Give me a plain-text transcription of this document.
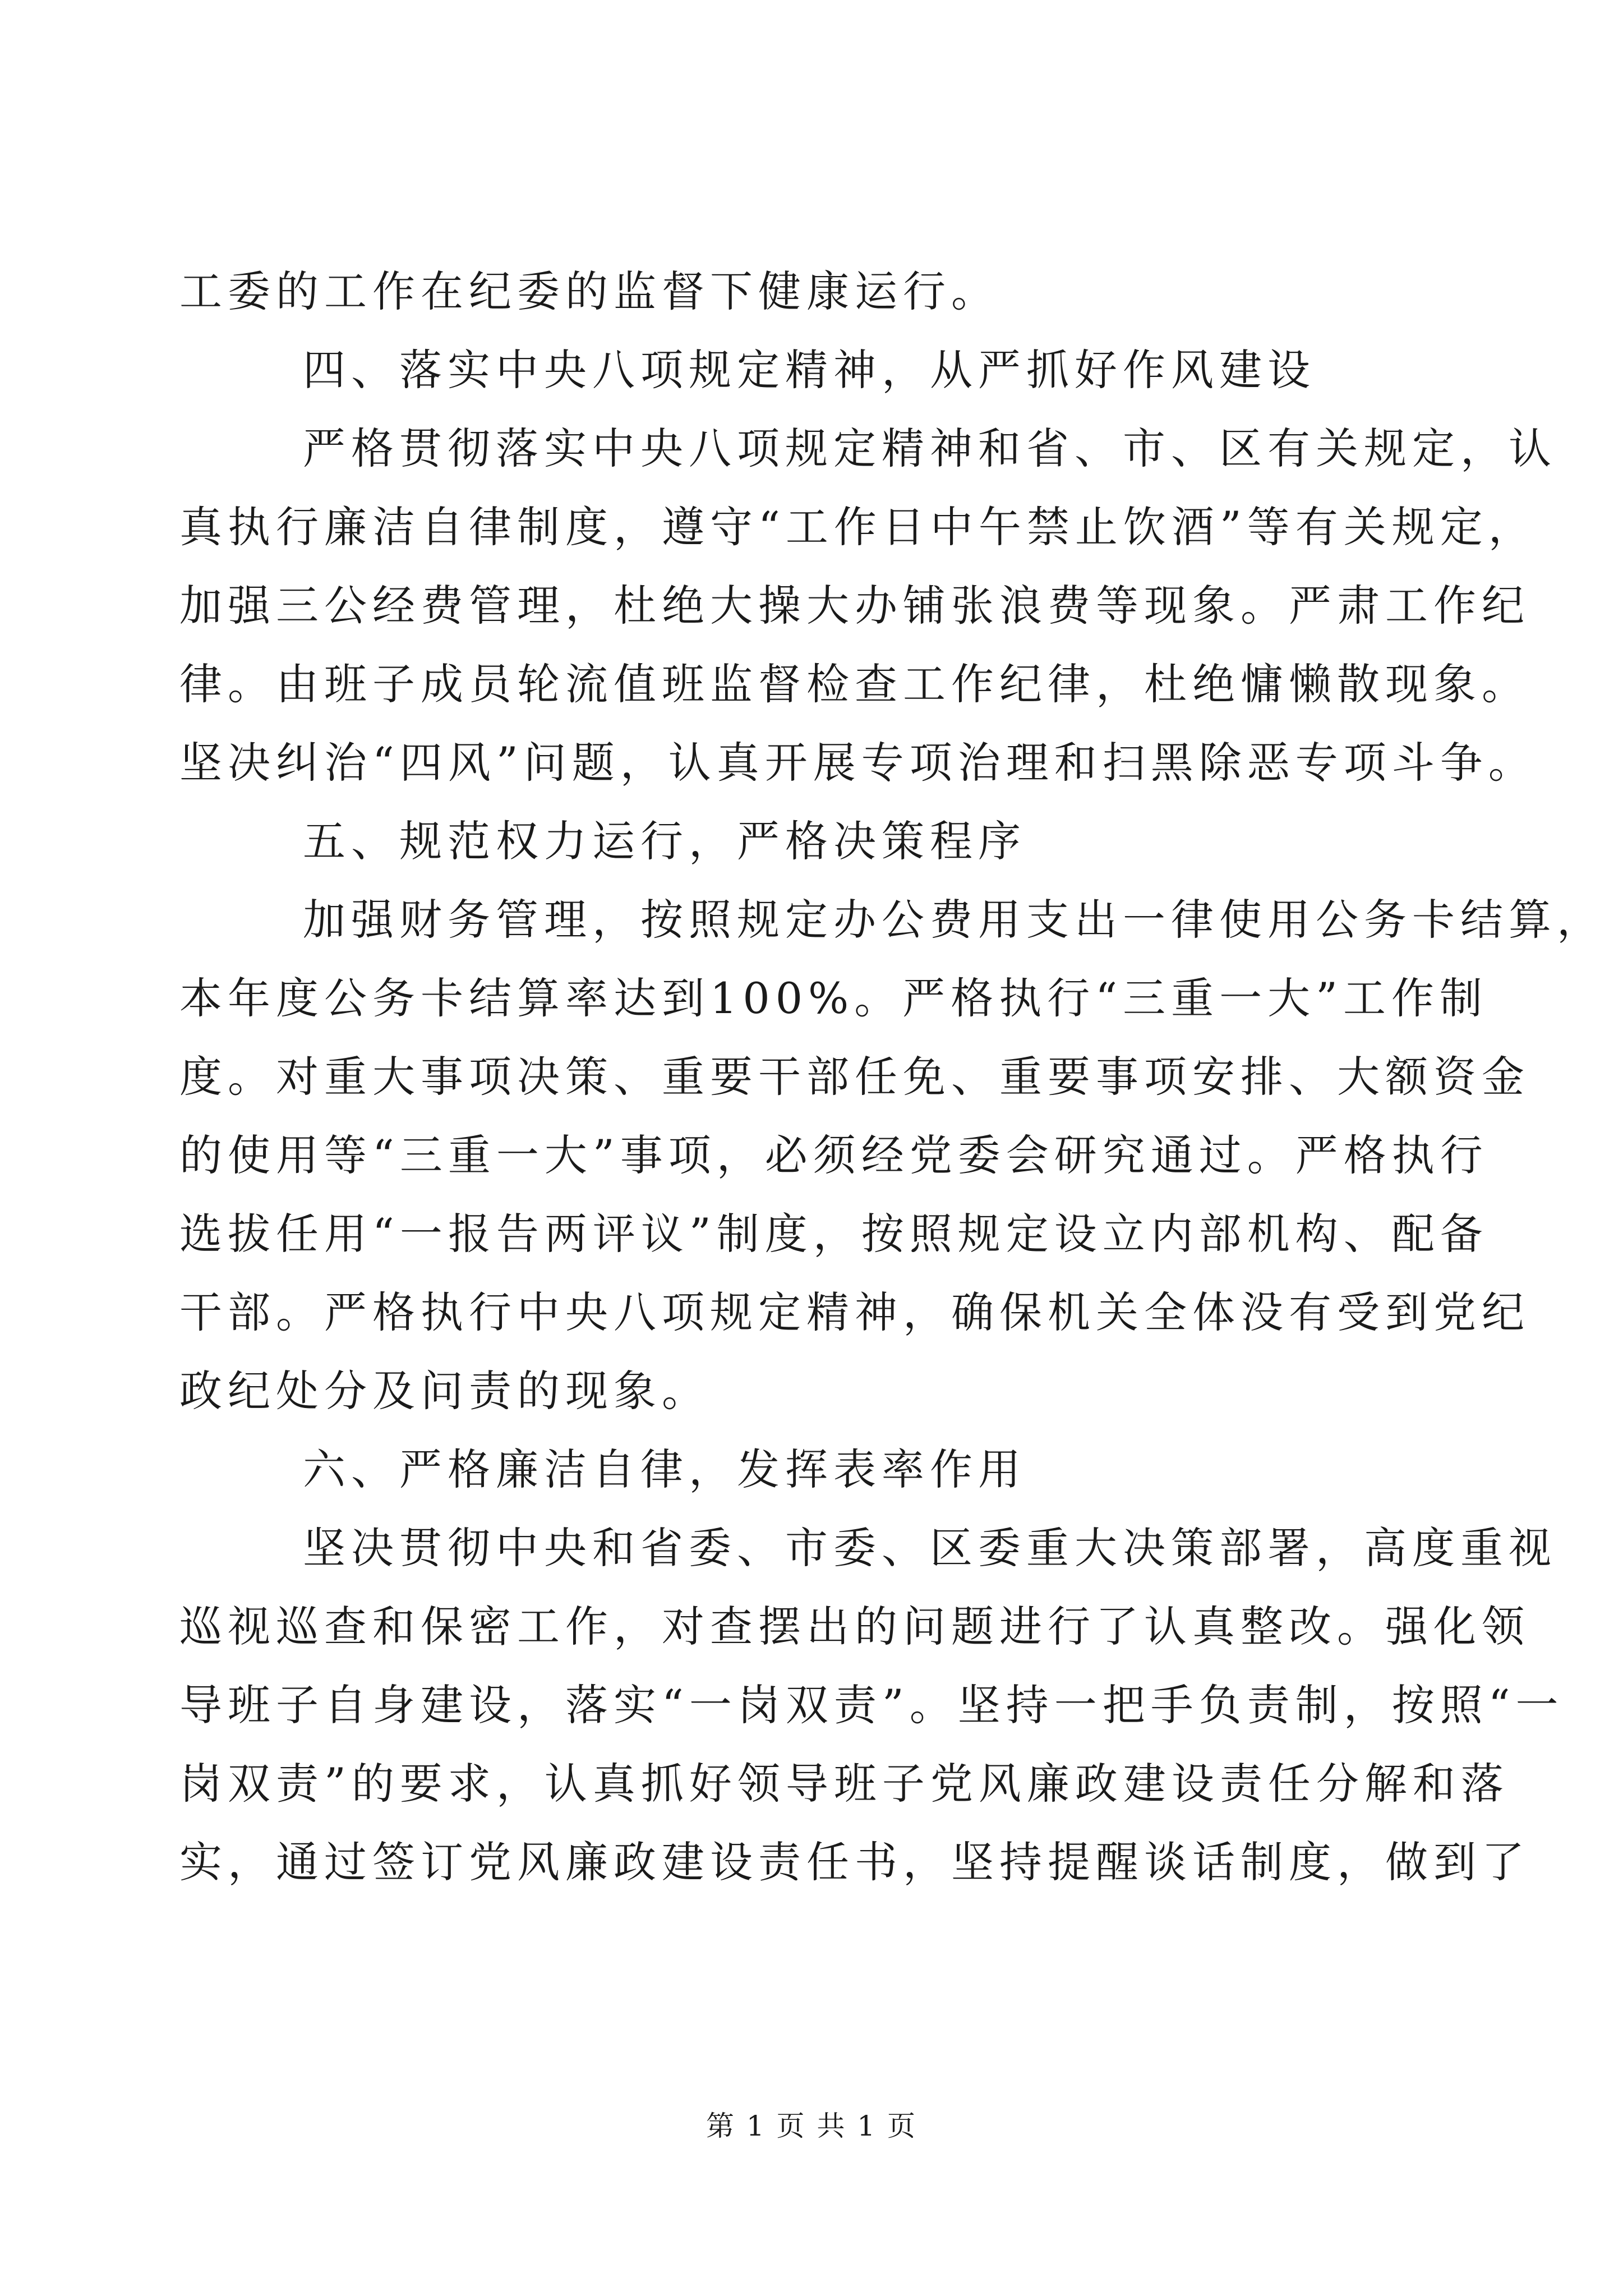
工委的工作在纪委的监督下健康运行。
四、落实中央八项规定精神，从严抓好作风建设
严格贯彻落实中央八项规定精神和省、市、区有关规定，认
真执行廉洁自律制度，遵守“工作日中午禁止饮酒”等有关规定，
加强三公经费管理，杜绝大操大办铺张浪费等现象。严肃工作纪
律。由班子成员轮流值班监督检查工作纪律，杜绝慵懒散现象。
坚决纠治“四风”问题，认真开展专项治理和扫黑除恶专项斗争。
五、规范权力运行，严格决策程序
加强财务管理，按照规定办公费用支出一律使用公务卡结算，
本年度公务卡结算率达到100%。严格执行“三重一大”工作制
度。对重大事项决策、重要干部任免、重要事项安排、大额资金
的使用等“三重一大”事项，必须经党委会研究通过。严格执行
选拔任用“一报告两评议”制度，按照规定设立内部机构、配备
干部。严格执行中央八项规定精神，确保机关全体没有受到党纪
政纪处分及问责的现象。
六、严格廉洁自律，发挥表率作用
坚决贯彻中央和省委、市委、区委重大决策部署，高度重视
巡视巡查和保密工作，对查摆出的问题进行了认真整改。强化领
导班子自身建设，落实“一岗双责”。坚持一把手负责制，按照“一
岗双责”的要求，认真抓好领导班子党风廉政建设责任分解和落
实，通过签订党风廉政建设责任书，坚持提醒谈话制度，做到了
第 1 页 共 1 页
